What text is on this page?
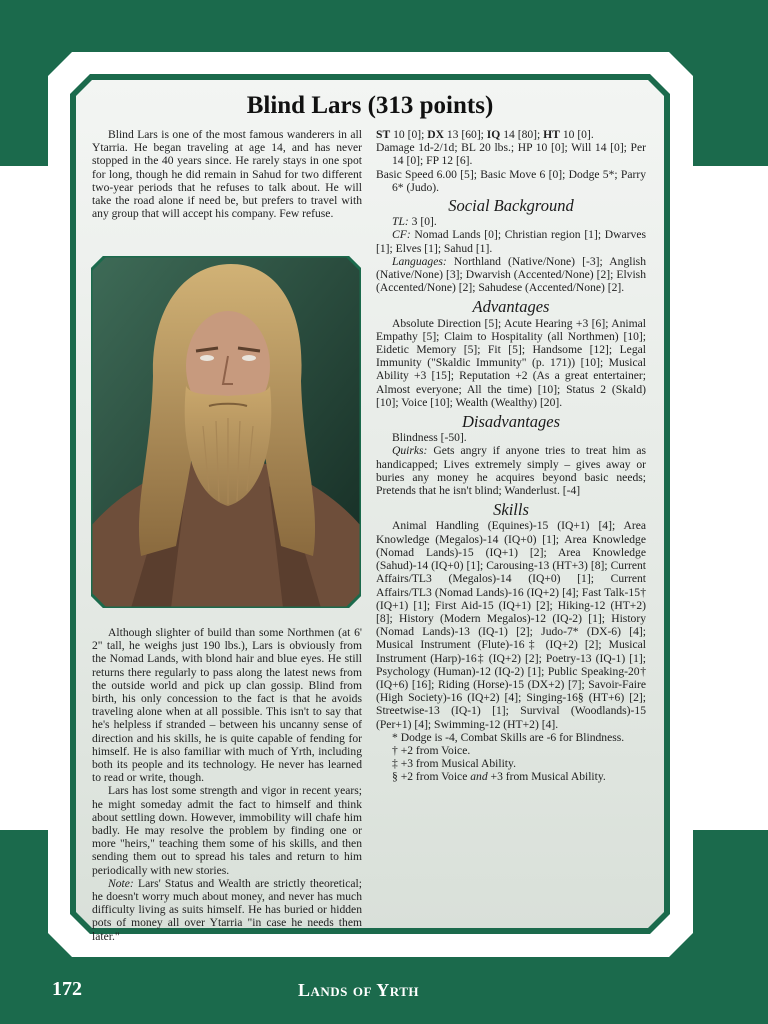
Blind Lars (313 points)

Blind Lars is one of the most famous wanderers in all Ytarria. He began traveling at age 14, and has never stopped in the 40 years since. He rarely stays in one spot for long, though he did remain in Sahud for two different two-year periods that he refuses to talk about. He will take the road alone if need be, but prefers to travel with any group that will accept his company. Few refuse.

Although slighter of build than some Northmen (at 6' 2" tall, he weighs just 190 lbs.), Lars is obviously from the Nomad Lands, with blond hair and blue eyes. He still returns there regularly to pass along the latest news from the outside world and pick up clan gossip. Blind from birth, his only concession to the fact is that he avoids traveling alone when at all possible. This isn't to say that he's helpless if stranded – between his uncanny sense of direction and his skills, he is quite capable of fending for himself. He is also familiar with much of Yrth, including both its people and its technology. He never has learned to read or write, though.

Lars has lost some strength and vigor in recent years; he might someday admit the fact to himself and think about settling down. However, immobility will chafe him badly. He may resolve the problem by finding one or more "heirs," teaching them some of his skills, and then sending them out to spread his tales and return to him periodically with new stories.

Note: Lars' Status and Wealth are strictly theoretical; he doesn't worry much about money, and never has much difficulty living as suits himself. He has buried or hidden pots of money all over Ytarria "in case he needs them later."

ST 10 [0]; DX 13 [60]; IQ 14 [80]; HT 10 [0].

Damage 1d-2/1d; BL 20 lbs.; HP 10 [0]; Will 14 [0]; Per 14 [0]; FP 12 [6].

Basic Speed 6.00 [5]; Basic Move 6 [0]; Dodge 5*; Parry 6* (Judo).

Social Background

TL: 3 [0].

CF: Nomad Lands [0]; Christian region [1]; Dwarves [1]; Elves [1]; Sahud [1].

Languages: Northland (Native/None) [-3]; Anglish (Native/None) [3]; Dwarvish (Accented/None) [2]; Elvish (Accented/None) [2]; Sahudese (Accented/None) [2].

Advantages

Absolute Direction [5]; Acute Hearing +3 [6]; Animal Empathy [5]; Claim to Hospitality (all Northmen) [10]; Eidetic Memory [5]; Fit [5]; Handsome [12]; Legal Immunity ("Skaldic Immunity" (p. 171)) [10]; Musical Ability +3 [15]; Reputation +2 (As a great entertainer; Almost everyone; All the time) [10]; Status 2 (Skald) [10]; Voice [10]; Wealth (Wealthy) [20].

Disadvantages

Blindness [-50].

Quirks: Gets angry if anyone tries to treat him as handicapped; Lives extremely simply – gives away or buries any money he acquires beyond basic needs; Pretends that he isn't blind; Wanderlust. [-4]

Skills

Animal Handling (Equines)-15 (IQ+1) [4]; Area Knowledge (Megalos)-14 (IQ+0) [1]; Area Knowledge (Nomad Lands)-15 (IQ+1) [2]; Area Knowledge (Sahud)-14 (IQ+0) [1]; Carousing-13 (HT+3) [8]; Current Affairs/TL3 (Megalos)-14 (IQ+0) [1]; Current Affairs/TL3 (Nomad Lands)-16 (IQ+2) [4]; Fast Talk-15† (IQ+1) [1]; First Aid-15 (IQ+1) [2]; Hiking-12 (HT+2) [8]; History (Modern Megalos)-12 (IQ-2) [1]; History (Nomad Lands)-13 (IQ-1) [2]; Judo-7* (DX-6) [4]; Musical Instrument (Flute)-16‡ (IQ+2) [2]; Musical Instrument (Harp)-16‡ (IQ+2) [2]; Poetry-13 (IQ-1) [1]; Psychology (Human)-12 (IQ-2) [1]; Public Speaking-20† (IQ+6) [16]; Riding (Horse)-15 (DX+2) [7]; Savoir-Faire (High Society)-16 (IQ+2) [4]; Singing-16§ (HT+6) [2]; Streetwise-13 (IQ-1) [1]; Survival (Woodlands)-15 (Per+1) [4]; Swimming-12 (HT+2) [4].

* Dodge is -4, Combat Skills are -6 for Blindness.

† +2 from Voice.

‡ +3 from Musical Ability.

§ +2 from Voice and +3 from Musical Ability.

172	Lands of Yrth
